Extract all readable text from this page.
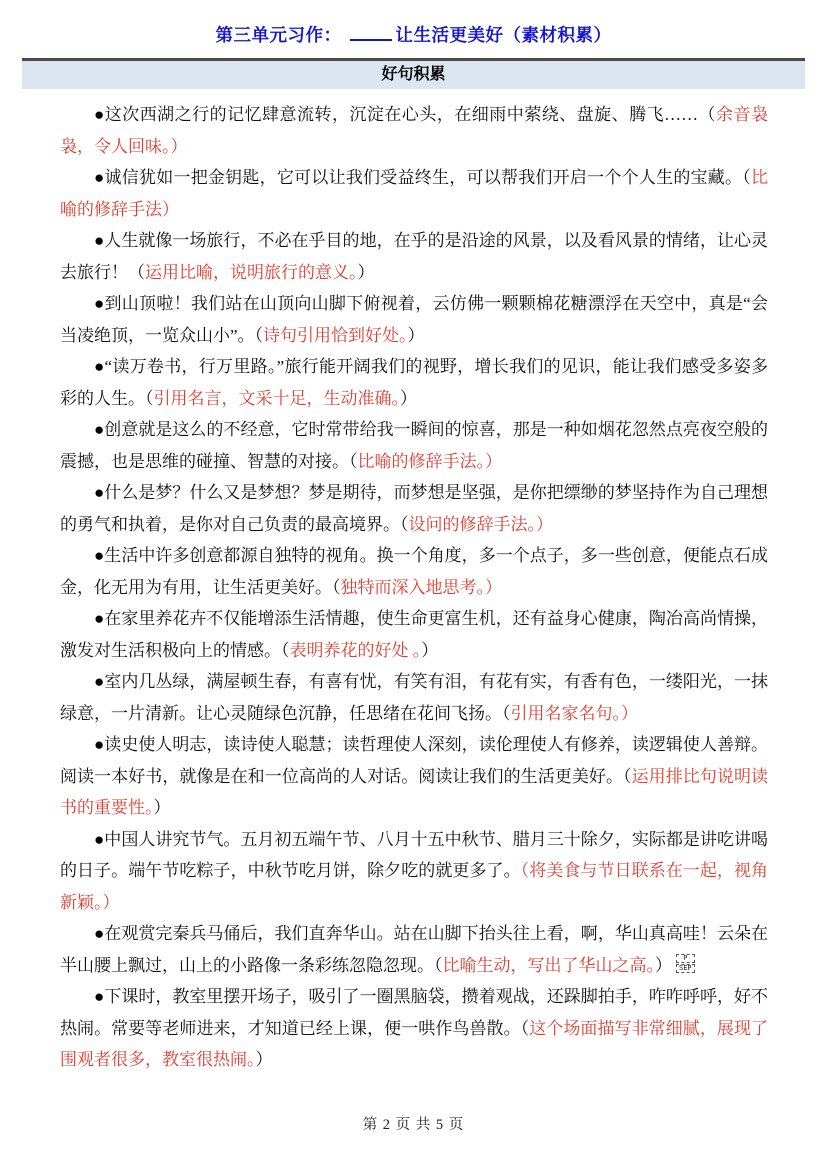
第三单元习作：	让生活更美好（素材积累）
好句积累

●这次西湖之行的记忆肆意流转，沉淀在心头，在细雨中萦绕、盘旋、腾飞……（余音袅袅，令人回味。）

●诚信犹如一把金钥匙，它可以让我们受益终生，可以帮我们开启一个个人生的宝藏。（比喻的修辞手法）

●人生就像一场旅行，不必在乎目的地，在乎的是沿途的风景，以及看风景的情绪，让心灵去旅行！（运用比喻，说明旅行的意义。）

●到山顶啦！我们站在山顶向山脚下俯视着，云仿佛一颗颗棉花糖漂浮在天空中，真是“会当凌绝顶，一览众山小”。（诗句引用恰到好处。）

●“读万卷书，行万里路。”旅行能开阔我们的视野，增长我们的见识，能让我们感受多姿多彩的人生。（引用名言，文采十足，生动准确。）

●创意就是这么的不经意，它时常带给我一瞬间的惊喜，那是一种如烟花忽然点亮夜空般的震撼，也是思维的碰撞、智慧的对接。（比喻的修辞手法。）

●什么是梦？什么又是梦想？梦是期待，而梦想是坚强，是你把缥缈的梦坚持作为自己理想的勇气和执着，是你对自己负责的最高境界。（设问的修辞手法。）

●生活中许多创意都源自独特的视角。换一个角度，多一个点子，多一些创意，便能点石成金，化无用为有用，让生活更美好。（独特而深入地思考。）

●在家里养花卉不仅能增添生活情趣，使生命更富生机，还有益身心健康，陶冶高尚情操，激发对生活积极向上的情感。（表明养花的好处 。）

●室内几丛绿，满屋顿生春，有喜有忧，有笑有泪，有花有实，有香有色，一缕阳光，一抹绿意，一片清新。让心灵随绿色沉静，任思绪在花间飞扬。（引用名家名句。）

●读史使人明志，读诗使人聪慧；读哲理使人深刻，读伦理使人有修养，读逻辑使人善辩。阅读一本好书，就像是在和一位高尚的人对话。阅读让我们的生活更美好。（运用排比句说明读书的重要性。）

●中国人讲究节气。五月初五端午节、八月十五中秋节、腊月三十除夕，实际都是讲吃讲喝的日子。端午节吃粽子，中秋节吃月饼，除夕吃的就更多了。（将美食与节日联系在一起，视角新颖。）

●在观赏完秦兵马俑后，我们直奔华山。站在山脚下抬头往上看，啊，华山真高哇！云朵在半山腰上飘过，山上的小路像一条彩练忽隐忽现。（比喻生动，写出了华山之高。）	P
SEP

●下课时，教室里摆开场子，吸引了一圈黑脑袋，攒着观战，还跺脚拍手，咋咋呼呼，好不热闹。常要等老师进来，才知道已经上课，便一哄作鸟兽散。（这个场面描写非常细腻，展现了围观者很多，教室很热闹。）

第 2 页 共 5 页
